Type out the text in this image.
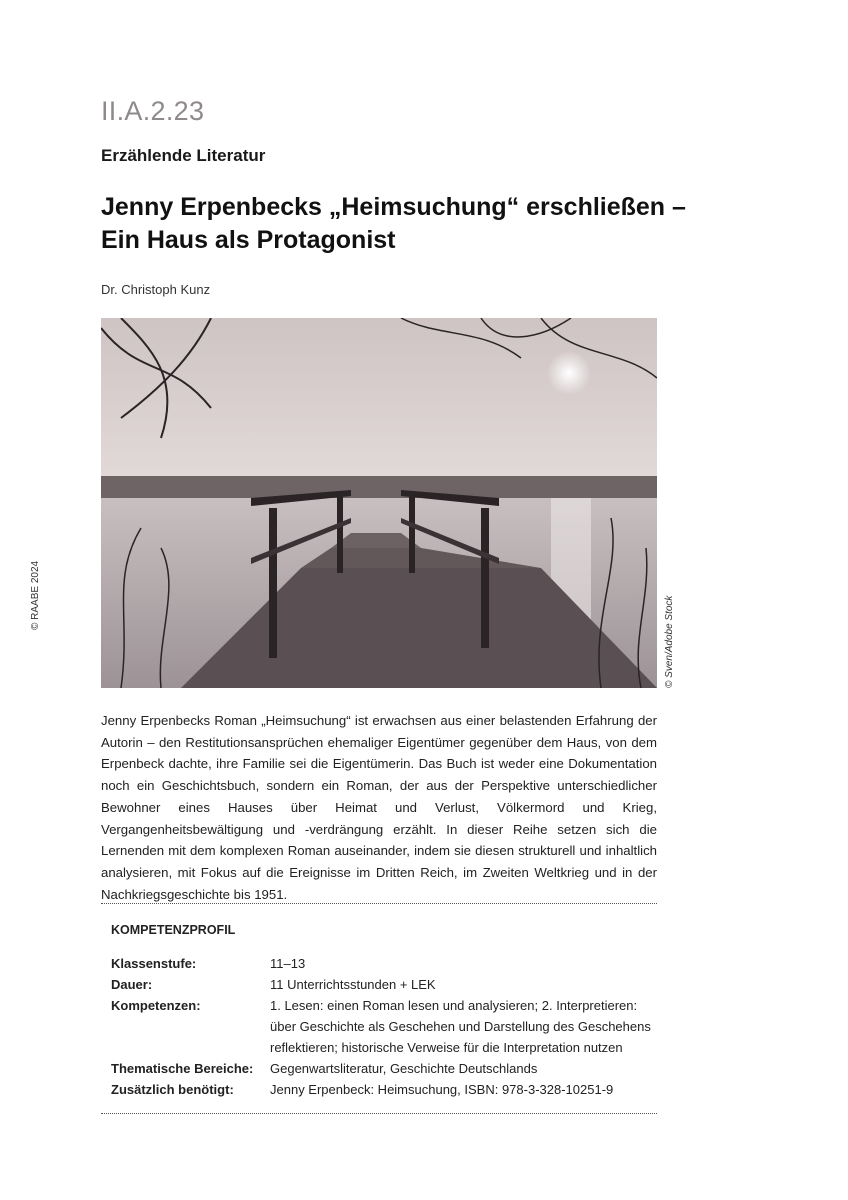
II.A.2.23
Erzählende Literatur
Jenny Erpenbecks „Heimsuchung“ erschließen –
Ein Haus als Protagonist
Dr. Christoph Kunz
© RAABE 2024
© Sven/Adobe Stock
Jenny Erpenbecks Roman „Heimsuchung“ ist erwachsen aus einer belastenden Erfahrung der Autorin – den Restitutionsansprüchen ehemaliger Eigentümer gegenüber dem Haus, von dem Erpenbeck dachte, ihre Familie sei die Eigentümerin. Das Buch ist weder eine Dokumentation noch ein Geschichtsbuch, sondern ein Roman, der aus der Perspektive unterschiedlicher Bewohner eines Hauses über Heimat und Verlust, Völkermord und Krieg, Vergangenheitsbewältigung und -verdrängung erzählt. In dieser Reihe setzen sich die Lernenden mit dem komplexen Roman auseinander, indem sie diesen strukturell und inhaltlich analysieren, mit Fokus auf die Ereignisse im Dritten Reich, im Zweiten Weltkrieg und in der Nachkriegsgeschichte bis 1951.
KOMPETENZPROFIL
Klassenstufe:	11–13
Dauer:	11 Unterrichtsstunden + LEK
Kompetenzen:	1. Lesen: einen Roman lesen und analysieren; 2. Interpretieren: über Geschichte als Geschehen und Darstellung des Geschehens reflektieren; historische Verweise für die Interpretation nutzen
Thematische Bereiche:	Gegenwartsliteratur, Geschichte Deutschlands
Zusätzlich benötigt:	Jenny Erpenbeck: Heimsuchung, ISBN: 978-3-328-10251-9
